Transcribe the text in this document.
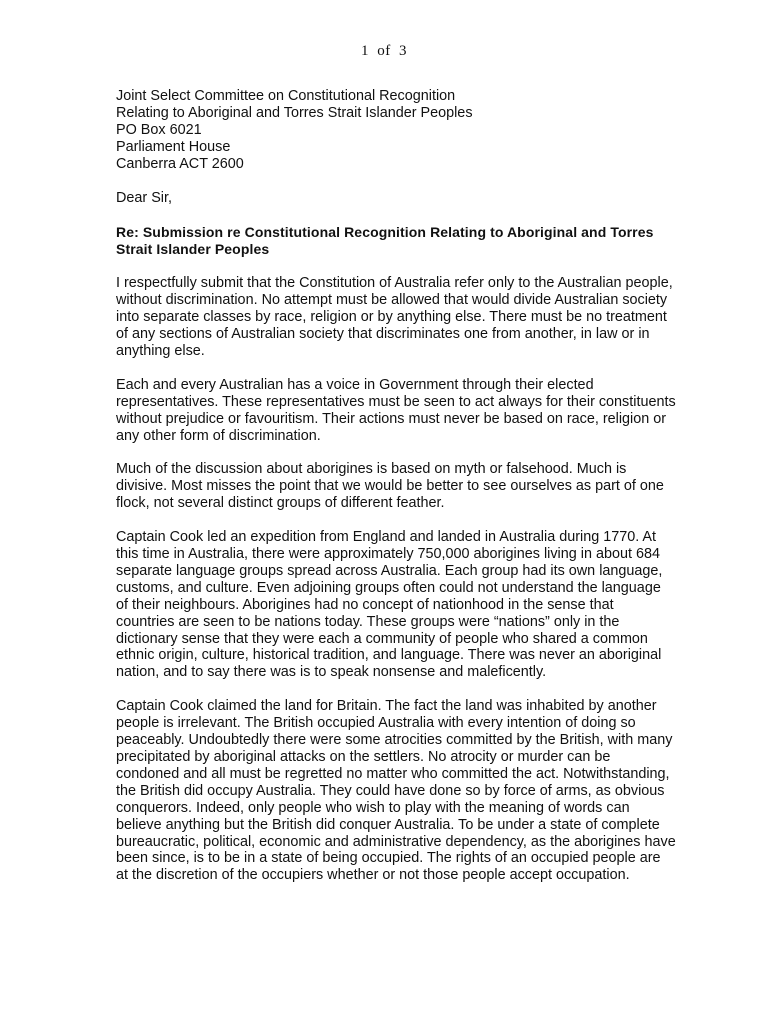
1 of 3
Joint Select Committee on Constitutional Recognition
Relating to Aboriginal and Torres Strait Islander Peoples
PO Box 6021
Parliament House
Canberra ACT 2600
Dear Sir,
Re: Submission re Constitutional Recognition Relating to Aboriginal and Torres Strait Islander Peoples

I respectfully submit that the Constitution of Australia refer only to the Australian people, without discrimination. No attempt must be allowed that would divide Australian society into separate classes by race, religion or by anything else. There must be no treatment of any sections of Australian society that discriminates one from another, in law or in anything else.

Each and every Australian has a voice in Government through their elected representatives. These representatives must be seen to act always for their constituents without prejudice or favouritism. Their actions must never be based on race, religion or any other form of discrimination.

Much of the discussion about aborigines is based on myth or falsehood. Much is divisive. Most misses the point that we would be better to see ourselves as part of one flock, not several distinct groups of different feather.

Captain Cook led an expedition from England and landed in Australia during 1770. At this time in Australia, there were approximately 750,000 aborigines living in about 684 separate language groups spread across Australia. Each group had its own language, customs, and culture. Even adjoining groups often could not understand the language of their neighbours. Aborigines had no concept of nationhood in the sense that countries are seen to be nations today. These groups were “nations” only in the dictionary sense that they were each a community of people who shared a common ethnic origin, culture, historical tradition, and language. There was never an aboriginal nation, and to say there was is to speak nonsense and maleficently.

Captain Cook claimed the land for Britain. The fact the land was inhabited by another people is irrelevant. The British occupied Australia with every intention of doing so peaceably. Undoubtedly there were some atrocities committed by the British, with many precipitated by aboriginal attacks on the settlers. No atrocity or murder can be condoned and all must be regretted no matter who committed the act. Notwithstanding, the British did occupy Australia. They could have done so by force of arms, as obvious conquerors. Indeed, only people who wish to play with the meaning of words can believe anything but the British did conquer Australia. To be under a state of complete bureaucratic, political, economic and administrative dependency, as the aborigines have been since, is to be in a state of being occupied. The rights of an occupied people are at the discretion of the occupiers whether or not those people accept occupation.
